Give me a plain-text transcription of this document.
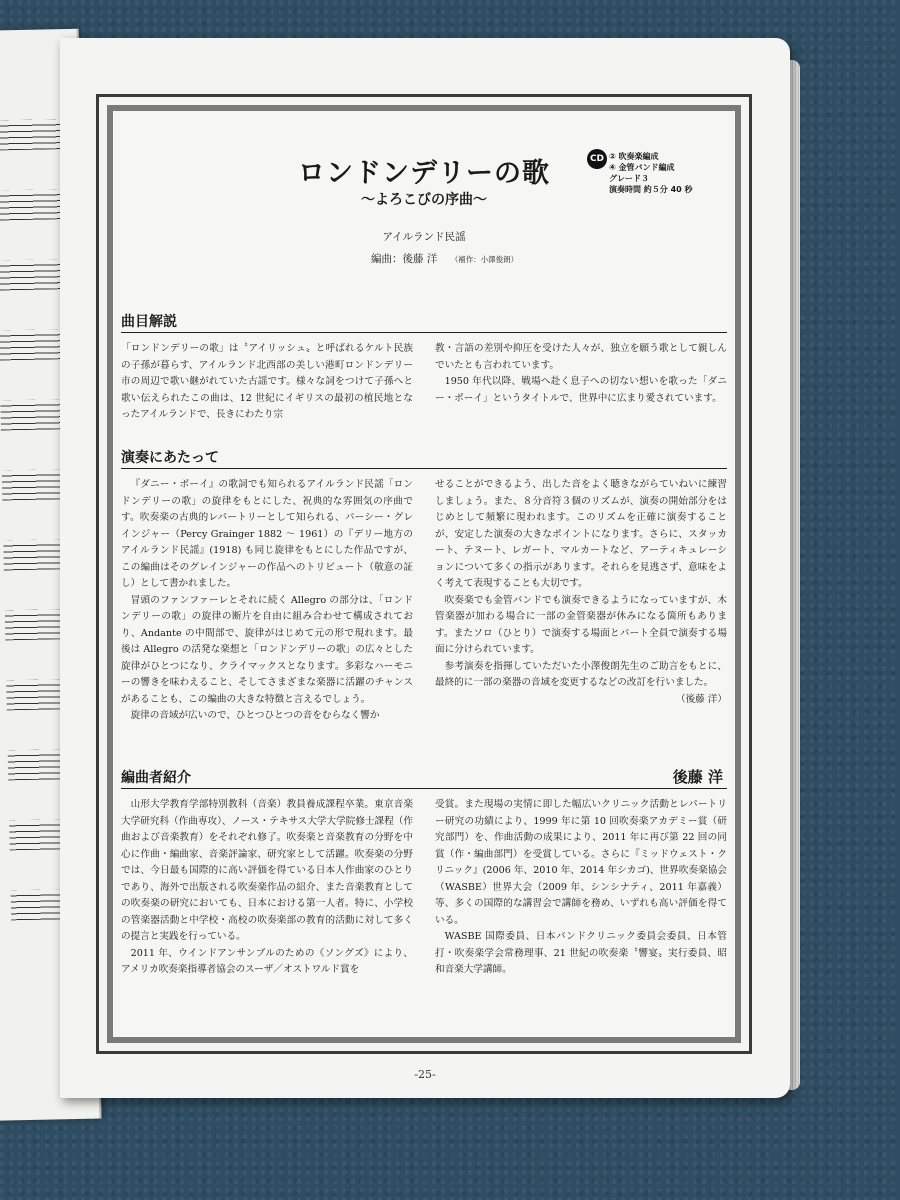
ロンドンデリーの歌
～よろこびの序曲～
CD ② 吹奏楽編成
④ 金管バンド編成
グレード３
演奏時間 約５分 40 秒
アイルランド民謡
編曲：後藤 洋 （補作：小澤俊朗）
曲目解説

「ロンドンデリーの歌」は〝アイリッシュ〟と呼ばれるケルト民族の子孫が暮らす、アイルランド北西部の美しい港町ロンドンデリー市の周辺で歌い継がれていた古謡です。様々な詞をつけて子孫へと歌い伝えられたこの曲は、12 世紀にイギリスの最初の植民地となったアイルランドで、長きにわたり宗

教・言語の差別や抑圧を受けた人々が、独立を願う歌として親しんでいたとも言われています。

1950 年代以降、戦場へ赴く息子への切ない想いを歌った「ダニー・ボーイ」というタイトルで、世界中に広まり愛されています。

演奏にあたって

『ダニー・ボーイ』の歌詞でも知られるアイルランド民謡「ロンドンデリーの歌」の旋律をもとにした、祝典的な雰囲気の序曲です。吹奏楽の古典的レパートリーとして知られる、パーシー・グレインジャー（Percy Grainger 1882 〜 1961）の『デリー地方のアイルランド民謡』(1918) も同じ旋律をもとにした作品ですが、この編曲はそのグレインジャーの作品へのトリビュート（敬意の証し）として書かれました。

冒頭のファンファーレとそれに続く Allegro の部分は、「ロンドンデリーの歌」の旋律の断片を自由に組み合わせて構成されており、Andante の中間部で、旋律がはじめて元の形で現れます。最後は Allegro の活発な楽想と「ロンドンデリーの歌」の広々とした旋律がひとつになり、クライマックスとなります。多彩なハーモニーの響きを味わえること、そしてさまざまな楽器に活躍のチャンスがあることも、この編曲の大きな特徴と言えるでしょう。

旋律の音域が広いので、ひとつひとつの音をむらなく響か

せることができるよう、出した音をよく聴きながらていねいに練習しましょう。また、８分音符３個のリズムが、演奏の開始部分をはじめとして頻繁に現われます。このリズムを正確に演奏することが、安定した演奏の大きなポイントになります。さらに、スタッカート、テヌート、レガート、マルカートなど、アーティキュレーションについて多くの指示があります。それらを見逃さず、意味をよく考えて表現することも大切です。

吹奏楽でも金管バンドでも演奏できるようになっていますが、木管楽器が加わる場合に一部の金管楽器が休みになる箇所もあります。またソロ（ひとり）で演奏する場面とパート全員で演奏する場面に分けられています。

参考演奏を指揮していただいた小澤俊朗先生のご助言をもとに、最終的に一部の楽器の音域を変更するなどの改訂を行いました。

（後藤 洋）

編曲者紹介	後藤 洋

山形大学教育学部特別教科（音楽）教員養成課程卒業。東京音楽大学研究科（作曲専攻）、ノース・テキサス大学大学院修士課程（作曲および音楽教育）をそれぞれ修了。吹奏楽と音楽教育の分野を中心に作曲・編曲家、音楽評論家、研究家として活躍。吹奏楽の分野では、今日最も国際的に高い評価を得ている日本人作曲家のひとりであり、海外で出版される吹奏楽作品の紹介、また音楽教育としての吹奏楽の研究においても、日本における第一人者。特に、小学校の管楽器活動と中学校・高校の吹奏楽部の教育的活動に対して多くの提言と実践を行っている。

2011 年、ウインドアンサンブルのための《ソングズ》により、アメリカ吹奏楽指導者協会のスーザ／オストワルド賞を

受賞。また現場の実情に即した幅広いクリニック活動とレパートリー研究の功績により、1999 年に第 10 回吹奏楽アカデミー賞（研究部門）を、作曲活動の成果により、2011 年に再び第 22 回の同賞（作・編曲部門）を受賞している。さらに『ミッドウェスト・クリニック』(2006 年、2010 年、2014 年シカゴ)、世界吹奏楽協会（WASBE）世界大会（2009 年、シンシナティ、2011 年嘉義）等、多くの国際的な講習会で講師を務め、いずれも高い評価を得ている。

WASBE 国際委員、日本バンドクリニック委員会委員、日本管打・吹奏楽学会常務理事、21 世紀の吹奏楽〝響宴〟実行委員、昭和音楽大学講師。

-25-
